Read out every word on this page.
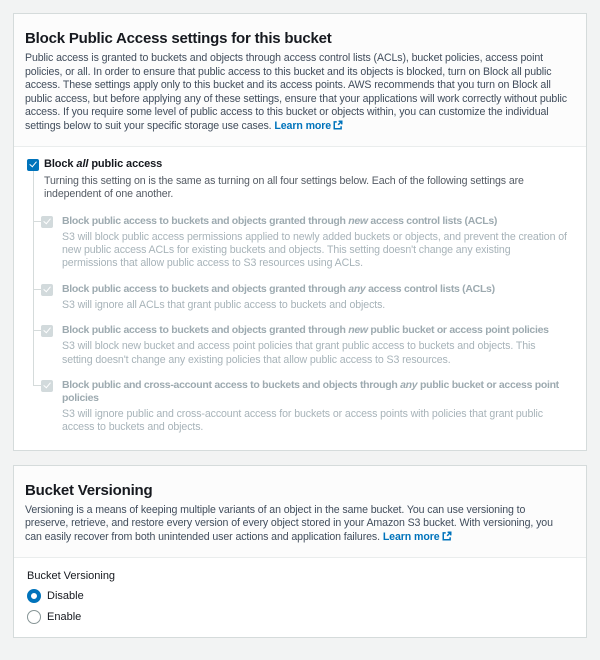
Block Public Access settings for this bucket

Public access is granted to buckets and objects through access control lists (ACLs), bucket policies, access point policies, or all. In order to ensure that public access to this bucket and its objects is blocked, turn on Block all public access. These settings apply only to this bucket and its access points. AWS recommends that you turn on Block all public access, but before applying any of these settings, ensure that your applications will work correctly without public access. If you require some level of public access to this bucket or objects within, you can customize the individual settings below to suit your specific storage use cases. Learn more

Block all public access
Turning this setting on is the same as turning on all four settings below. Each of the following settings are independent of one another.
Block public access to buckets and objects granted through new access control lists (ACLs)
S3 will block public access permissions applied to newly added buckets or objects, and prevent the creation of new public access ACLs for existing buckets and objects. This setting doesn't change any existing permissions that allow public access to S3 resources using ACLs.
Block public access to buckets and objects granted through any access control lists (ACLs)
S3 will ignore all ACLs that grant public access to buckets and objects.
Block public access to buckets and objects granted through new public bucket or access point policies
S3 will block new bucket and access point policies that grant public access to buckets and objects. This setting doesn't change any existing policies that allow public access to S3 resources.
Block public and cross-account access to buckets and objects through any public bucket or access point policies
S3 will ignore public and cross-account access for buckets or access points with policies that grant public access to buckets and objects.
Bucket Versioning

Versioning is a means of keeping multiple variants of an object in the same bucket. You can use versioning to preserve, retrieve, and restore every version of every object stored in your Amazon S3 bucket. With versioning, you can easily recover from both unintended user actions and application failures. Learn more

Bucket Versioning
Disable
Enable
